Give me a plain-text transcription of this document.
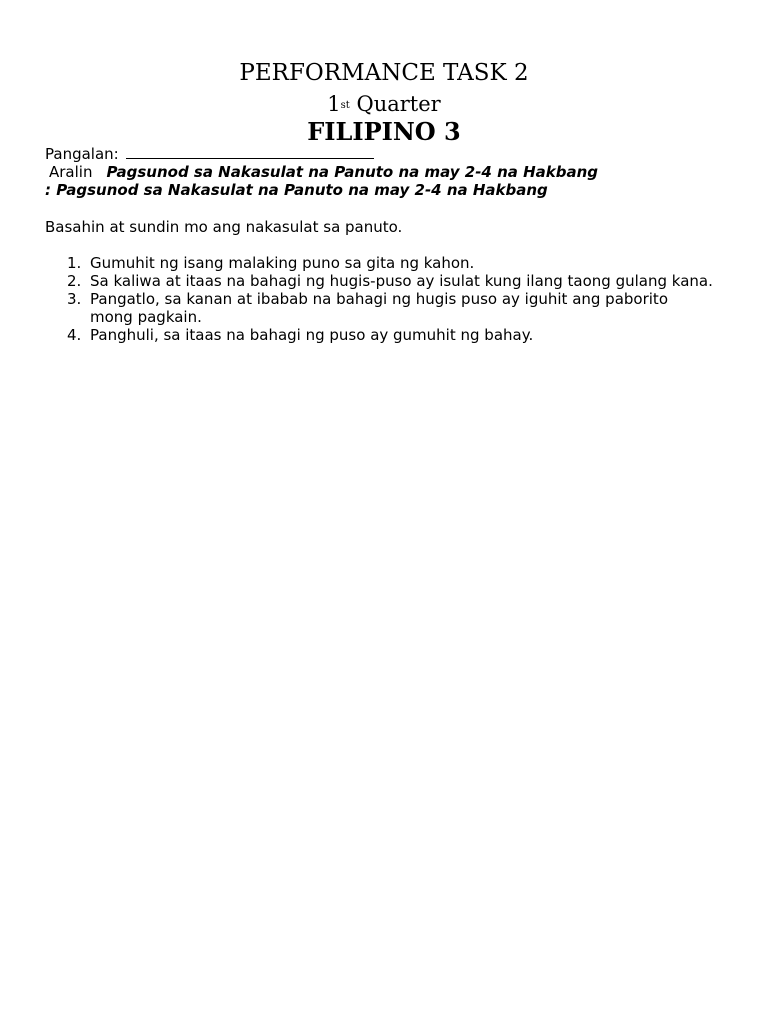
PERFORMANCE TASK 2
1st Quarter
FILIPINO 3
Pangalan:
Aralin Pagsunod sa Nakasulat na Panuto na may 2-4 na Hakbang
: Pagsunod sa Nakasulat na Panuto na may 2-4 na Hakbang
Basahin at sundin mo ang nakasulat sa panuto.
1. Gumuhit ng isang malaking puno sa gita ng kahon.
2. Sa kaliwa at itaas na bahagi ng hugis-puso ay isulat kung ilang taong gulang kana.
3. Pangatlo, sa kanan at ibabab na bahagi ng hugis puso ay iguhit ang paborito mong pagkain.
4. Panghuli, sa itaas na bahagi ng puso ay gumuhit ng bahay.
